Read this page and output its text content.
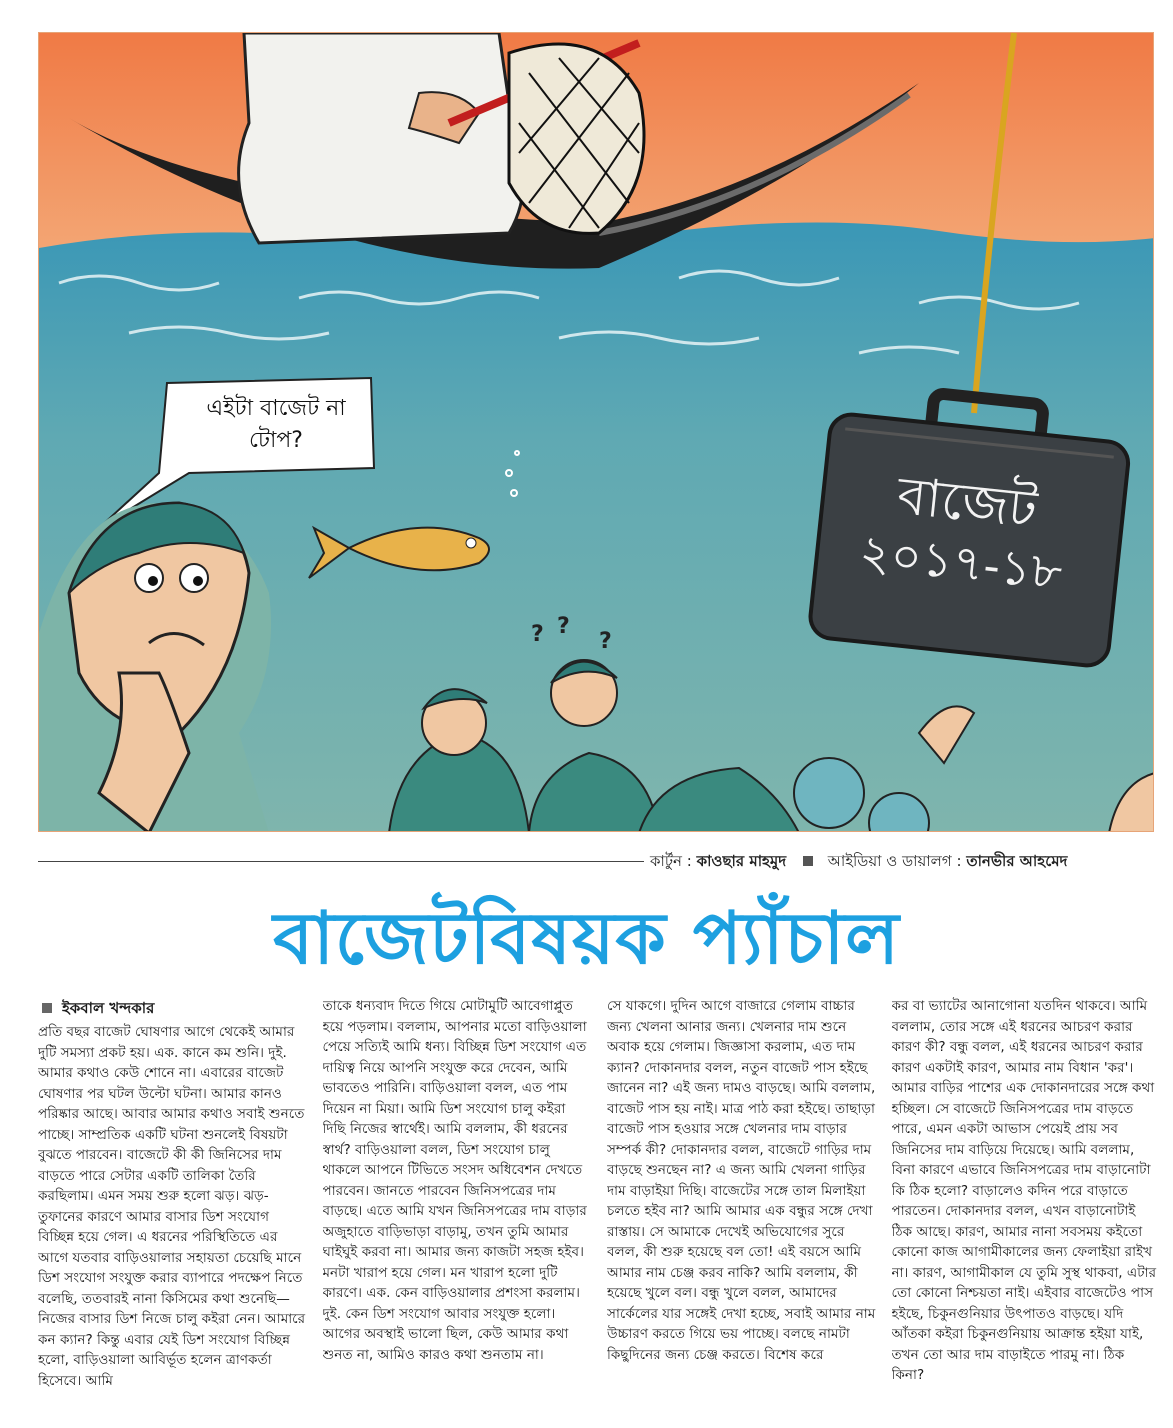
? ?
?
এইটা বাজেট না টোপ?
বাজেট
২০১৭-১৮
কার্টুন : কাওছার মাহমুদ	আইডিয়া ও ডায়ালগ : তানভীর আহমেদ
বাজেটবিষয়ক প্যাঁচাল
ইকবাল খন্দকার

প্রতি বছর বাজেট ঘোষণার আগে থেকেই আমার দুটি সমস্যা প্রকট হয়। এক. কানে কম শুনি। দুই. আমার কথাও কেউ শোনে না। এবারের বাজেট ঘোষণার পর ঘটল উল্টো ঘটনা। আমার কানও পরিষ্কার আছে। আবার আমার কথাও সবাই শুনতে পাচ্ছে। সাম্প্রতিক একটি ঘটনা শুনলেই বিষয়টা বুঝতে পারবেন। বাজেটে কী কী জিনিসের দাম বাড়তে পারে সেটার একটি তালিকা তৈরি করছিলাম। এমন সময় শুরু হলো ঝড়। ঝড়-তুফানের কারণে আমার বাসার ডিশ সংযোগ বিচ্ছিন্ন হয়ে গেল। এ ধরনের পরিস্থিতিতে এর আগে যতবার বাড়িওয়ালার সহায়তা চেয়েছি মানে ডিশ সংযোগ সংযুক্ত করার ব্যাপারে পদক্ষেপ নিতে বলেছি, ততবারই নানা কিসিমের কথা শুনেছি— নিজের বাসার ডিশ নিজে চালু কইরা নেন। আমারে কন ক্যান? কিন্তু এবার যেই ডিশ সংযোগ বিচ্ছিন্ন হলো, বাড়িওয়ালা আবির্ভূত হলেন ত্রাণকর্তা হিসেবে। আমি

তাকে ধন্যবাদ দিতে গিয়ে মোটামুটি আবেগাপ্লুত হয়ে পড়লাম। বললাম, আপনার মতো বাড়িওয়ালা পেয়ে সত্যিই আমি ধন্য। বিচ্ছিন্ন ডিশ সংযোগ এত দায়িত্ব নিয়ে আপনি সংযুক্ত করে দেবেন, আমি ভাবতেও পারিনি। বাড়িওয়ালা বলল, এত পাম দিয়েন না মিয়া। আমি ডিশ সংযোগ চালু কইরা দিছি নিজের স্বার্থেই। আমি বললাম, কী ধরনের স্বার্থ? বাড়িওয়ালা বলল, ডিশ সংযোগ চালু থাকলে আপনে টিভিতে সংসদ অধিবেশন দেখতে পারবেন। জানতে পারবেন জিনিসপত্রের দাম বাড়ছে। এতে আমি যখন জিনিসপত্রের দাম বাড়ার অজুহাতে বাড়িভাড়া বাড়ামু, তখন তুমি আমার ঘাইঘুই করবা না। আমার জন্য কাজটা সহজ হইব। মনটা খারাপ হয়ে গেল। মন খারাপ হলো দুটি কারণে। এক. কেন বাড়িওয়ালার প্রশংসা করলাম। দুই. কেন ডিশ সংযোগ আবার সংযুক্ত হলো। আগের অবস্থাই ভালো ছিল, কেউ আমার কথা শুনত না, আমিও কারও কথা শুনতাম না।

সে যাকগে। দুদিন আগে বাজারে গেলাম বাচ্চার জন্য খেলনা আনার জন্য। খেলনার দাম শুনে অবাক হয়ে গেলাম। জিজ্ঞাসা করলাম, এত দাম ক্যান? দোকানদার বলল, নতুন বাজেট পাস হইছে জানেন না? এই জন্য দামও বাড়ছে। আমি বললাম, বাজেট পাস হয় নাই। মাত্র পাঠ করা হইছে। তাছাড়া বাজেট পাস হওয়ার সঙ্গে খেলনার দাম বাড়ার সম্পর্ক কী? দোকানদার বলল, বাজেটে গাড়ির দাম বাড়ছে শুনছেন না? এ জন্য আমি খেলনা গাড়ির দাম বাড়াইয়া দিছি। বাজেটের সঙ্গে তাল মিলাইয়া চলতে হইব না? আমি আমার এক বন্ধুর সঙ্গে দেখা রাস্তায়। সে আমাকে দেখেই অভিযোগের সুরে বলল, কী শুরু হয়েছে বল তো! এই বয়সে আমি আমার নাম চেঞ্জ করব নাকি? আমি বললাম, কী হয়েছে খুলে বল। বন্ধু খুলে বলল, আমাদের সার্কেলের যার সঙ্গেই দেখা হচ্ছে, সবাই আমার নাম উচ্চারণ করতে গিয়ে ভয় পাচ্ছে। বলছে নামটা কিছুদিনের জন্য চেঞ্জ করতে। বিশেষ করে

কর বা ভ্যাটের আনাগোনা যতদিন থাকবে। আমি বললাম, তোর সঙ্গে এই ধরনের আচরণ করার কারণ কী? বন্ধু বলল, এই ধরনের আচরণ করার কারণ একটাই কারণ, আমার নাম বিধান 'কর'। আমার বাড়ির পাশের এক দোকানদারের সঙ্গে কথা হচ্ছিল। সে বাজেটে জিনিসপত্রের দাম বাড়তে পারে, এমন একটা আভাস পেয়েই প্রায় সব জিনিসের দাম বাড়িয়ে দিয়েছে। আমি বললাম, বিনা কারণে এভাবে জিনিসপত্রের দাম বাড়ানোটা কি ঠিক হলো? বাড়ালেও কদিন পরে বাড়াতে পারতেন। দোকানদার বলল, এখন বাড়ানোটাই ঠিক আছে। কারণ, আমার নানা সবসময় কইতো কোনো কাজ আগামীকালের জন্য ফেলাইয়া রাইখ না। কারণ, আগামীকাল যে তুমি সুস্থ থাকবা, এটার তো কোনো নিশ্চয়তা নাই। এইবার বাজেটেও পাস হইছে, চিকুনগুনিয়ার উৎপাতও বাড়ছে। যদি আঁতকা কইরা চিকুনগুনিয়ায় আক্রান্ত হইয়া যাই, তখন তো আর দাম বাড়াইতে পারমু না। ঠিক কিনা?
